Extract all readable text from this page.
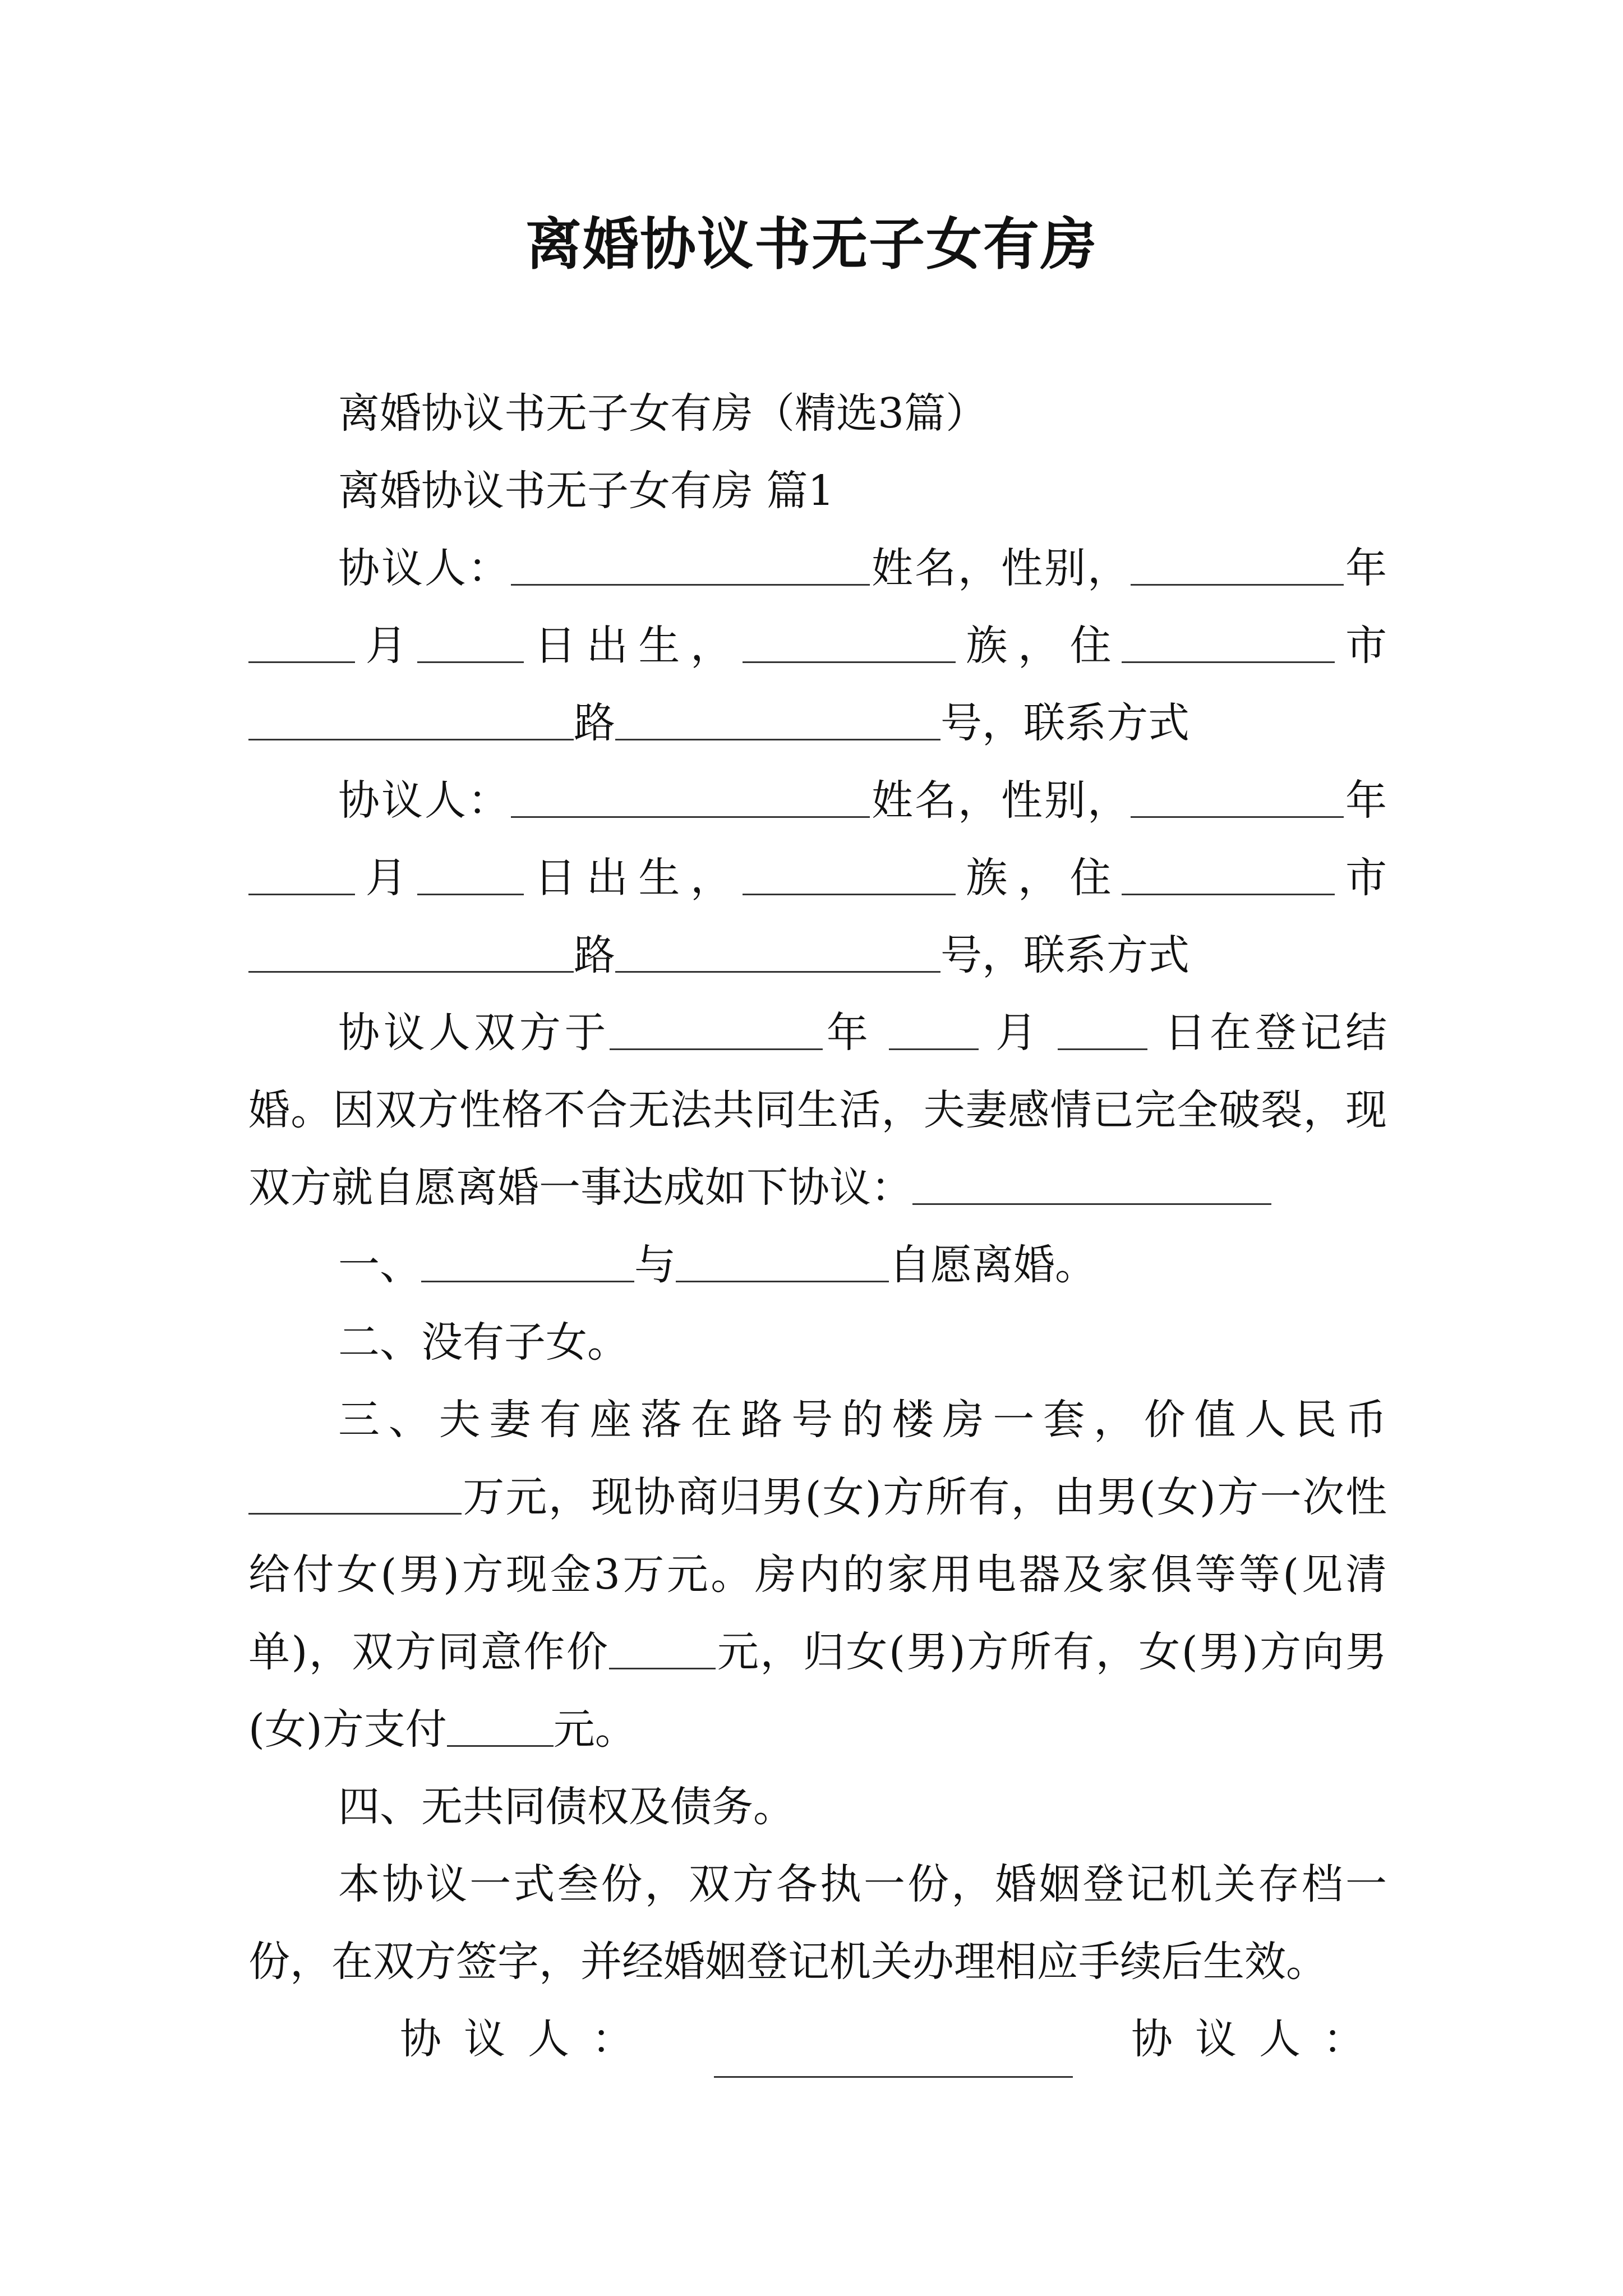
离婚协议书无子女有房

离婚协议书无子女有房（精选3篇）

离婚协议书无子女有房 篇1

协议人：	姓名，性别，	年月	日出生，	族，住	市路	号，联系方式

协议人：	姓名，性别，	年月	日出生，	族，住	市路	号，联系方式

协议人双方于	年	月	日在登记结婚。因双方性格不合无法共同生活，夫妻感情已完全破裂，现双方就自愿离婚一事达成如下协议：

一、	与	自愿离婚。

二、没有子女。

三、夫妻有座落在路号的楼房一套，价值人民币万元，现协商归男(女)方所有，由男(女)方一次性给付女(男)方现金3万元。房内的家用电器及家俱等等(见清单)，双方同意作价	元，归女(男)方所有，女(男)方向男(女)方支付	元。

四、无共同债权及债务。

本协议一式叁份，双方各执一份，婚姻登记机关存档一份，在双方签字，并经婚姻登记机关办理相应手续后生效。

协议人：	协议人：
